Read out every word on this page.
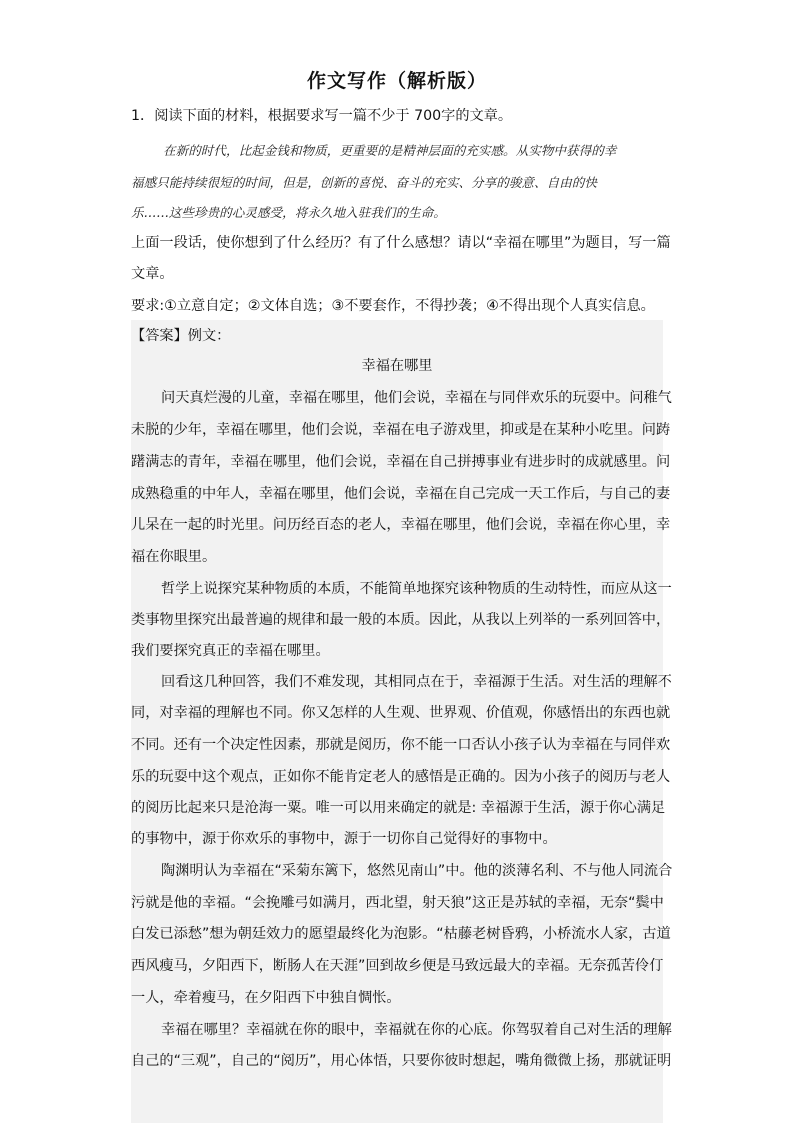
作文写作（解析版）
1．阅读下面的材料，根据要求写一篇不少于 700字的文章。
在新的时代，比起金钱和物质，更重要的是精神层面的充实感。从实物中获得的幸
福感只能持续很短的时间，但是，创新的喜悦、奋斗的充实、分享的骏意、自由的快
乐……这些珍贵的心灵感受，将永久地入驻我们的生命。
上面一段话，使你想到了什么经历？有了什么感想？请以“幸福在哪里”为题目，写一篇
文章。
要求:①立意自定；②文体自选；③不要套作，不得抄袭；④不得出现个人真实信息。
【答案】例文：
幸福在哪里
问天真烂漫的儿童，幸福在哪里，他们会说，幸福在与同伴欢乐的玩耍中。问稚气
未脱的少年，幸福在哪里，他们会说，幸福在电子游戏里，抑或是在某种小吃里。问踌
躇满志的青年，幸福在哪里，他们会说，幸福在自己拼搏事业有进步时的成就感里。问
成熟稳重的中年人，幸福在哪里，他们会说，幸福在自己完成一天工作后，与自己的妻
儿呆在一起的时光里。问历经百态的老人，幸福在哪里，他们会说，幸福在你心里，幸
福在你眼里。
哲学上说探究某种物质的本质，不能简单地探究该种物质的生动特性，而应从这一
类事物里探究出最普遍的规律和最一般的本质。因此，从我以上列举的一系列回答中，
我们要探究真正的幸福在哪里。
回看这几种回答，我们不难发现，其相同点在于，幸福源于生活。对生活的理解不
同，对幸福的理解也不同。你又怎样的人生观、世界观、价值观，你感悟出的东西也就
不同。还有一个决定性因素，那就是阅历，你不能一口否认小孩子认为幸福在与同伴欢
乐的玩耍中这个观点，正如你不能肯定老人的感悟是正确的。因为小孩子的阅历与老人
的阅历比起来只是沧海一粟。唯一可以用来确定的就是: 幸福源于生活，源于你心满足
的事物中，源于你欢乐的事物中，源于一切你自己觉得好的事物中。
陶渊明认为幸福在“采菊东篱下，悠然见南山”中。他的淡薄名利、不与他人同流合
污就是他的幸福。“会挽雕弓如满月，西北望，射天狼”这正是苏轼的幸福，无奈“鬓中
白发已添愁”想为朝廷效力的愿望最终化为泡影。“枯藤老树昏鸦，小桥流水人家，古道
西风瘦马，夕阳西下，断肠人在天涯”回到故乡便是马致远最大的幸福。无奈孤苦伶仃
一人，牵着瘦马，在夕阳西下中独自惆怅。
幸福在哪里？幸福就在你的眼中，幸福就在你的心底。你驾驭着自己对生活的理解
自己的“三观”，自己的“阅历”，用心体悟，只要你彼时想起，嘴角微微上扬，那就证明
